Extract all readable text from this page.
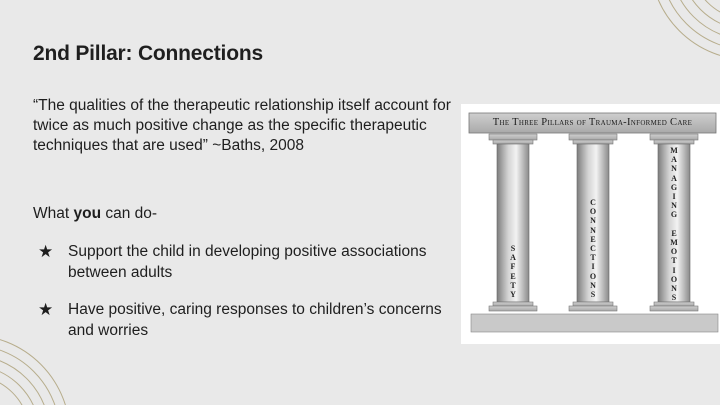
2nd Pillar: Connections

“The qualities of the therapeutic relationship itself account for twice as much positive change as the specific therapeutic techniques that are used” ~Baths, 2008

What you can do-

★ Support the child in developing positive associations between adults
★ Have positive, caring responses to children’s concerns and worries
The Three Pillars of Trauma-Informed Care
S
A
F
E
T
Y
C
O
N
N
E
C
T
I
O
N
S
M
A
N
A
G
I
N
G

E
M
O
T
I
O
N
S
